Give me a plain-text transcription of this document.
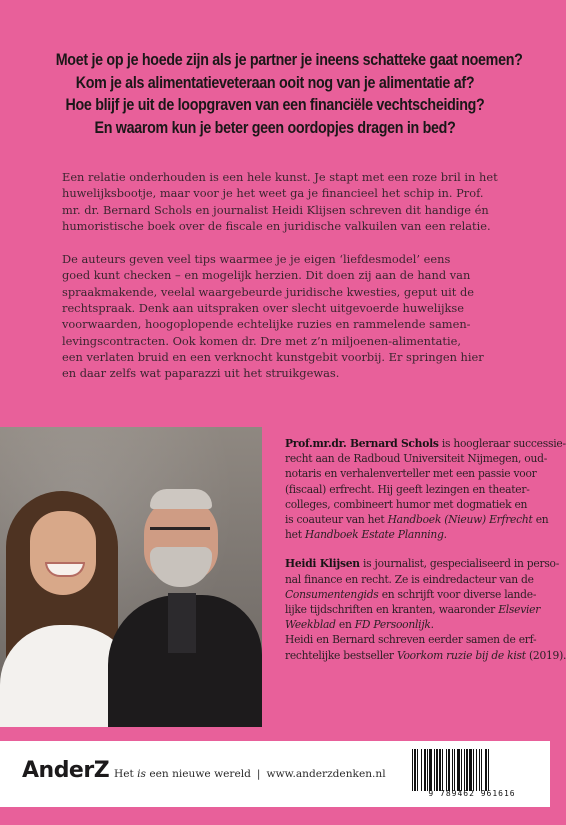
Moet je op je hoede zijn als je partner je ineens schatteke gaat noemen?
Kom je als alimentatieveteraan ooit nog van je alimentatie af?
Hoe blijf je uit de loopgraven van een financiële vechtscheiding?
En waarom kun je beter geen oordopjes dragen in bed?

Een relatie onderhouden is een hele kunst. Je stapt met een roze bril in het
huwelijksbootje, maar voor je het weet ga je financieel het schip in. Prof.
mr. dr. Bernard Schols en journalist Heidi Klijsen schreven dit handige én
humoristische boek over de fiscale en juridische valkuilen van een relatie.

De auteurs geven veel tips waarmee je je eigen ‘liefdesmodel’ eens
goed kunt checken – en mogelijk herzien. Dit doen zij aan de hand van
spraakmakende, veelal waargebeurde juridische kwesties, geput uit de
rechtspraak. Denk aan uitspraken over slecht uitgevoerde huwelijkse
voorwaarden, hoogoplopende echtelijke ruzies en rammelende samen-
levingscontracten. Ook komen dr. Dre met z’n miljoenen-alimentatie,
een verlaten bruid en een verknocht kunstgebit voorbij. Er springen hier
en daar zelfs wat paparazzi uit het struikgewas.

Prof.mr.dr. Bernard Schols is hoogleraar successie-
recht aan de Radboud Universiteit Nijmegen, oud-
notaris en verhalenverteller met een passie voor
(fiscaal) erfrecht. Hij geeft lezingen en theater-
colleges, combineert humor met dogmatiek en
is coauteur van het Handboek (Nieuw) Erfrecht en
het Handboek Estate Planning.

Heidi Klijsen is journalist, gespecialiseerd in perso-
nal finance en recht. Ze is eindredacteur van de
Consumentengids en schrijft voor diverse lande-
lijke tijdschriften en kranten, waaronder Elsevier
Weekblad en FD Persoonlijk.
Heidi en Bernard schreven eerder samen de erf-
rechtelijke bestseller Voorkom ruzie bij de kist (2019).

AnderZ Het is een nieuwe wereld | www.anderzdenken.nl
9 789462 961616
